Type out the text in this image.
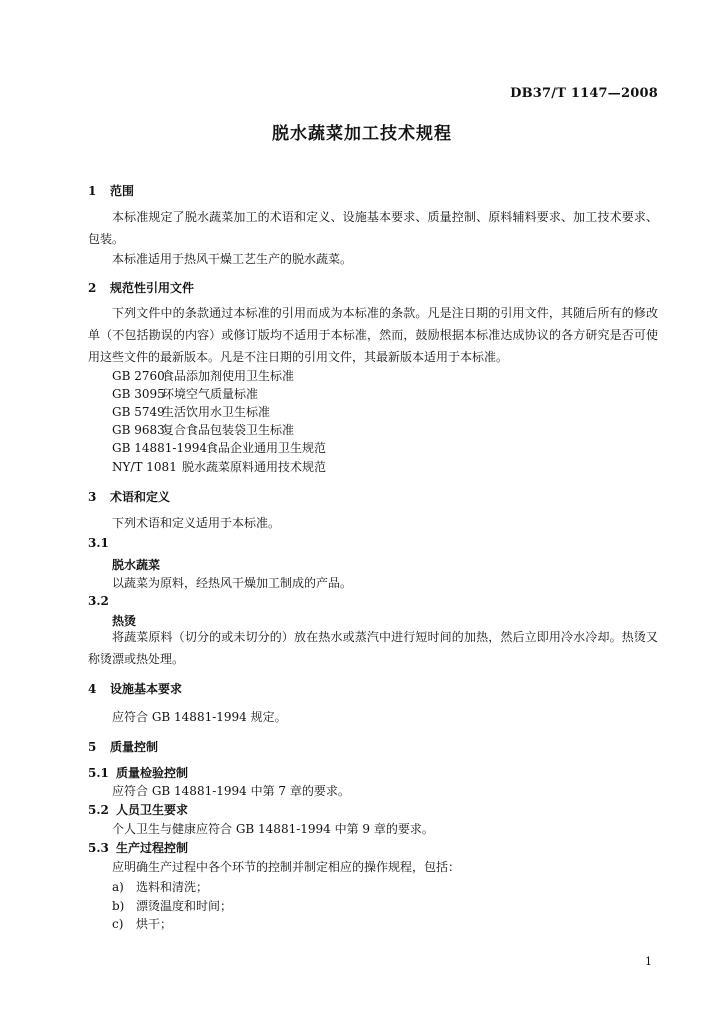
DB37/T 1147—2008
脱水蔬菜加工技术规程
1 范围
本标准规定了脱水蔬菜加工的术语和定义、设施基本要求、质量控制、原料辅料要求、加工技术要求、包装。
本标准适用于热风干燥工艺生产的脱水蔬菜。
2 规范性引用文件
下列文件中的条款通过本标准的引用而成为本标准的条款。凡是注日期的引用文件，其随后所有的修改单（不包括勘误的内容）或修订版均不适用于本标准，然而，鼓励根据本标准达成协议的各方研究是否可使用这些文件的最新版本。凡是不注日期的引用文件，其最新版本适用于本标准。
GB 2760食品添加剂使用卫生标准
GB 3095环境空气质量标准
GB 5749生活饮用水卫生标准
GB 9683复合食品包装袋卫生标准
GB 14881-1994食品企业通用卫生规范
NY/T 1081 脱水蔬菜原料通用技术规范
3 术语和定义
下列术语和定义适用于本标准。
3.1
脱水蔬菜
以蔬菜为原料，经热风干燥加工制成的产品。
3.2
热烫
将蔬菜原料（切分的或未切分的）放在热水或蒸汽中进行短时间的加热，然后立即用冷水冷却。热烫又称烫漂或热处理。
4 设施基本要求
应符合 GB 14881-1994 规定。
5 质量控制
5.1 质量检验控制
应符合 GB 14881-1994 中第 7 章的要求。
5.2 人员卫生要求
个人卫生与健康应符合 GB 14881-1994 中第 9 章的要求。
5.3 生产过程控制
应明确生产过程中各个环节的控制并制定相应的操作规程，包括：
a) 选料和清洗；
b) 漂烫温度和时间；
c) 烘干；
1
